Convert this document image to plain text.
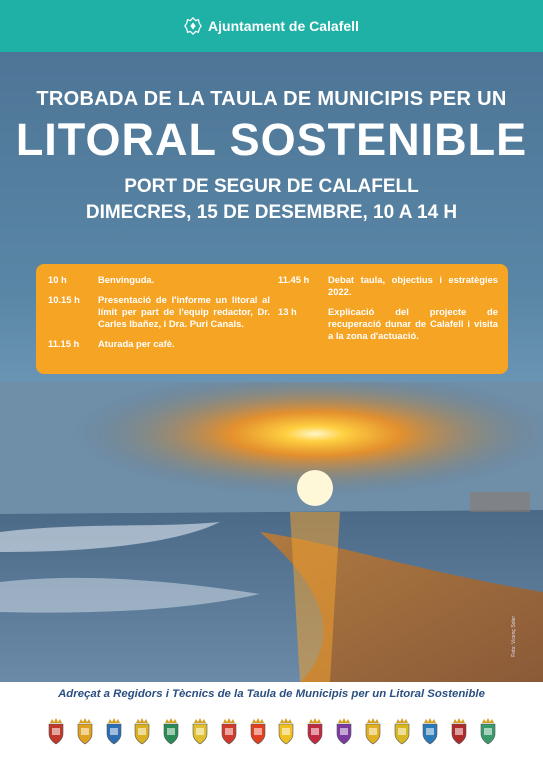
Ajuntament de Calafell
TROBADA DE LA TAULA DE MUNICIPIS PER UN
LITORAL SOSTENIBLE
PORT DE SEGUR DE CALAFELL
DIMECRES, 15 DE DESEMBRE, 10 A 14 H
10 h	Benvinguda.
10.15 h	Presentació de l'informe un litoral al límit per part de l'equip redactor, Dr. Carles Ibañez, i Dra. Puri Canals.
11.15 h	Aturada per cafè.
11.45 h	Debat taula, objectius i estratègies 2022.
13 h	Explicació del projecte de recuperació dunar de Calafell i visita a la zona d'actuació.
Foto: Vicenç Soler
Adreçat a Regidors i Tècnics de la Taula de Municipis per un Litoral Sostenible
